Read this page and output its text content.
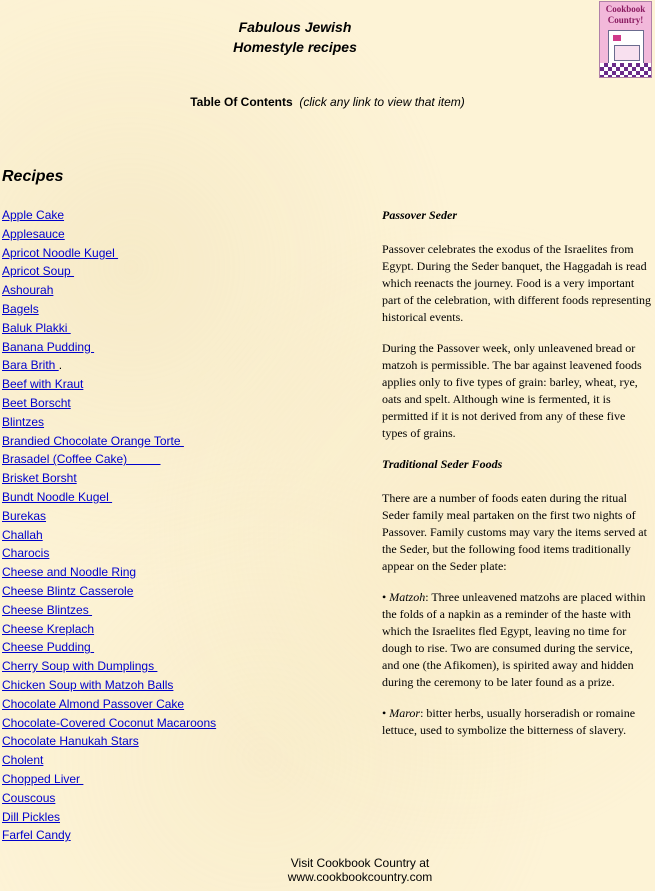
Fabulous Jewish
Homestyle recipes
Cookbook Country!
Table Of Contents (click any link to view that item)
Recipes
Apple Cake
Applesauce
Apricot Noodle Kugel
Apricot Soup
Ashourah
Bagels
Baluk Plakki
Banana Pudding
Bara Brith .
Beef with Kraut
Beet Borscht
Blintzes
Brandied Chocolate Orange Torte
Brasadel (Coffee Cake)
Brisket Borsht
Bundt Noodle Kugel
Burekas
Challah
Charocis
Cheese and Noodle Ring
Cheese Blintz Casserole
Cheese Blintzes
Cheese Kreplach
Cheese Pudding
Cherry Soup with Dumplings
Chicken Soup with Matzoh Balls
Chocolate Almond Passover Cake
Chocolate-Covered Coconut Macaroons
Chocolate Hanukah Stars
Cholent
Chopped Liver
Couscous
Dill Pickles
Farfel Candy
Passover Seder

Passover celebrates the exodus of the Israelites from Egypt. During the Seder banquet, the Haggadah is read which reenacts the journey. Food is a very important part of the celebration, with different foods representing historical events.

During the Passover week, only unleavened bread or matzoh is permissible. The bar against leavened foods applies only to five types of grain: barley, wheat, rye, oats and spelt. Although wine is fermented, it is permitted if it is not derived from any of these five types of grains.

Traditional Seder Foods

There are a number of foods eaten during the ritual Seder family meal partaken on the first two nights of Passover. Family customs may vary the items served at the Seder, but the following food items traditionally appear on the Seder plate:

• Matzoh: Three unleavened matzohs are placed within the folds of a napkin as a reminder of the haste with which the Israelites fled Egypt, leaving no time for dough to rise. Two are consumed during the service, and one (the Afikomen), is spirited away and hidden during the ceremony to be later found as a prize.

• Maror: bitter herbs, usually horseradish or romaine lettuce, used to symbolize the bitterness of slavery.

Visit Cookbook Country at
www.cookbookcountry.com
